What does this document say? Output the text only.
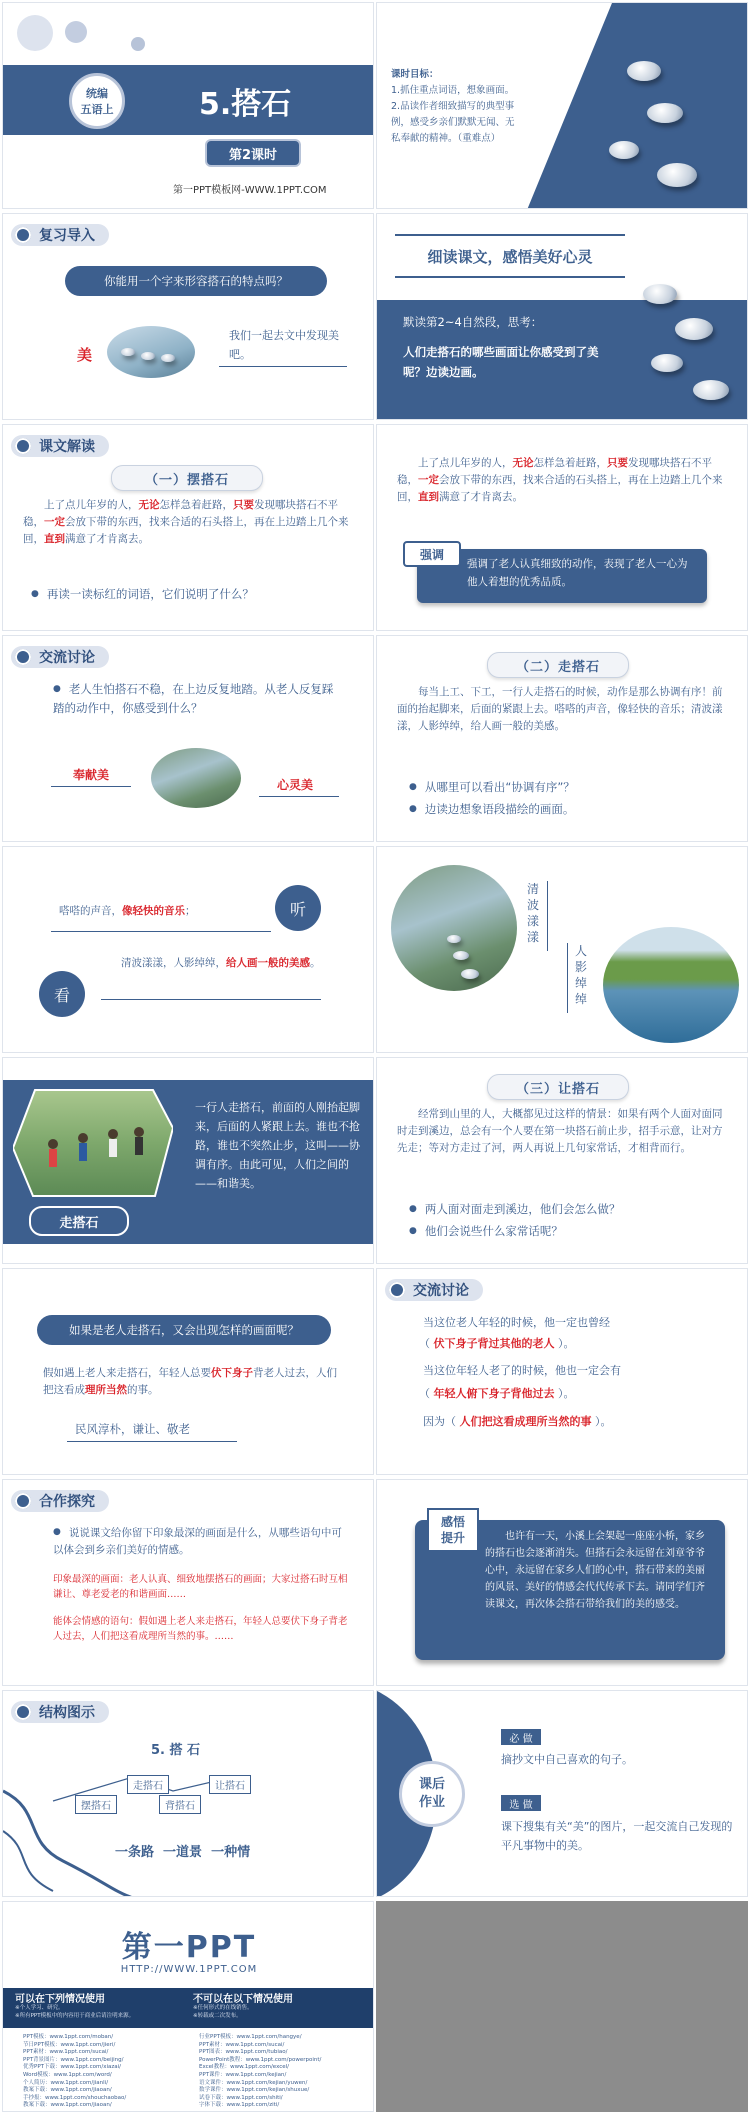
统编
五语上	5.搭石
第2课时
第一PPT模板网-WWW.1PPT.COM
课时目标：
1.抓住重点词语，想象画面。
2.品读作者细致描写的典型事例，感受乡亲们默默无闻、无私奉献的精神。（重难点）
复习导入
你能用一个字来形容搭石的特点吗？
美
我们一起去文中发现美吧。
细读课文，感悟美好心灵
默读第2~4自然段，思考：
人们走搭石的哪些画面让你感受到了美呢？边读边画。
课文解读
（一）摆搭石
上了点儿年岁的人，无论怎样急着赶路，只要发现哪块搭石不平稳，一定会放下带的东西，找来合适的石头搭上，再在上边踏上几个来回，直到满意了才肯离去。
● 再读一读标红的词语，它们说明了什么？
上了点儿年岁的人，无论怎样急着赶路，只要发现哪块搭石不平稳，一定会放下带的东西，找来合适的石头搭上，再在上边踏上几个来回，直到满意了才肯离去。
强调
强调了老人认真细致的动作，表现了老人一心为他人着想的优秀品质。
交流讨论
● 老人生怕搭石不稳，在上边反复地踏。从老人反复踩踏的动作中，你感受到什么？
奉献美
心灵美
（二）走搭石
每当上工、下工，一行人走搭石的时候，动作是那么协调有序！前面的抬起脚来，后面的紧跟上去。嗒嗒的声音，像轻快的音乐；清波漾漾，人影绰绰，给人画一般的美感。
● 从哪里可以看出“协调有序”？
● 边读边想象语段描绘的画面。
嗒嗒的声音，像轻快的音乐；	听
看
清波漾漾，人影绰绰，给人画一般的美感。
清波漾漾
人影绰绰
走搭石
一行人走搭石，前面的人刚抬起脚来，后面的人紧跟上去。谁也不抢路，谁也不突然止步，这叫——协调有序。由此可见，人们之间的——和谐美。
（三）让搭石
经常到山里的人，大概都见过这样的情景：如果有两个人面对面同时走到溪边，总会有一个人要在第一块搭石前止步，招手示意，让对方先走；等对方走过了河，两人再说上几句家常话，才相背而行。
● 两人面对面走到溪边，他们会怎么做？
● 他们会说些什么家常话呢？
如果是老人走搭石，又会出现怎样的画面呢？
假如遇上老人来走搭石，年轻人总要伏下身子背老人过去，人们把这看成理所当然的事。
民风淳朴，谦让、敬老
交流讨论
当这位老人年轻的时候，他一定也曾经
（ 伏下身子背过其他的老人 ）。
当这位年轻人老了的时候，他也一定会有
（ 年轻人俯下身子背他过去 ）。
因为（ 人们把这看成理所当然的事 ）。
合作探究
● 说说课文给你留下印象最深的画面是什么，从哪些语句中可以体会到乡亲们美好的情感。
印象最深的画面：老人认真、细致地摆搭石的画面；大家过搭石时互相谦让、尊老爱老的和谐画面……
能体会情感的语句：假如遇上老人来走搭石，年轻人总要伏下身子背老人过去，人们把这看成理所当然的事。……
感悟
提升	也许有一天，小溪上会架起一座座小桥，家乡的搭石也会逐渐消失。但搭石会永远留在刘章爷爷心中，永远留在家乡人们的心中，搭石带来的美丽的风景、美好的情感会代代传承下去。请同学们齐读课文，再次体会搭石带给我们的美的感受。
结构图示
5. 搭 石
摆搭石
走搭石
背搭石
让搭石
一条路  一道景  一种情
课后
作业
必 做
摘抄文中自己喜欢的句子。
选 做
课下搜集有关“美”的图片，一起交流自己发现的平凡事物中的美。
第一PPT
HTTP://WWW.1PPT.COM
可以在下列情况使用
※个人学习、研究。
※所有PPT模板中的内容用于商业后请注明来源。
不可以在以下情况使用
※任何形式的在线销售。
※转载或二次发布。
PPT模板：www.1ppt.com/moban/
节日PPT模板：www.1ppt.com/jieri/
PPT素材：www.1ppt.com/sucai/
PPT背景图片：www.1ppt.com/beijing/
优秀PPT下载：www.1ppt.com/xiazai/
Word模板：www.1ppt.com/word/
个人简历：www.1ppt.com/jianli/
教案下载：www.1ppt.com/jiaoan/
手抄报：www.1ppt.com/shouchaobao/
教案下载：www.1ppt.com/jiaoan/
行业PPT模板：www.1ppt.com/hangye/
PPT素材：www.1ppt.com/sucai/
PPT图表：www.1ppt.com/tubiao/
PowerPoint教程：www.1ppt.com/powerpoint/
Excel教程：www.1ppt.com/excel/
PPT课件：www.1ppt.com/kejian/
语文课件：www.1ppt.com/kejian/yuwen/
数学课件：www.1ppt.com/kejian/shuxue/
试卷下载：www.1ppt.com/shiti/
字体下载：www.1ppt.com/ziti/
